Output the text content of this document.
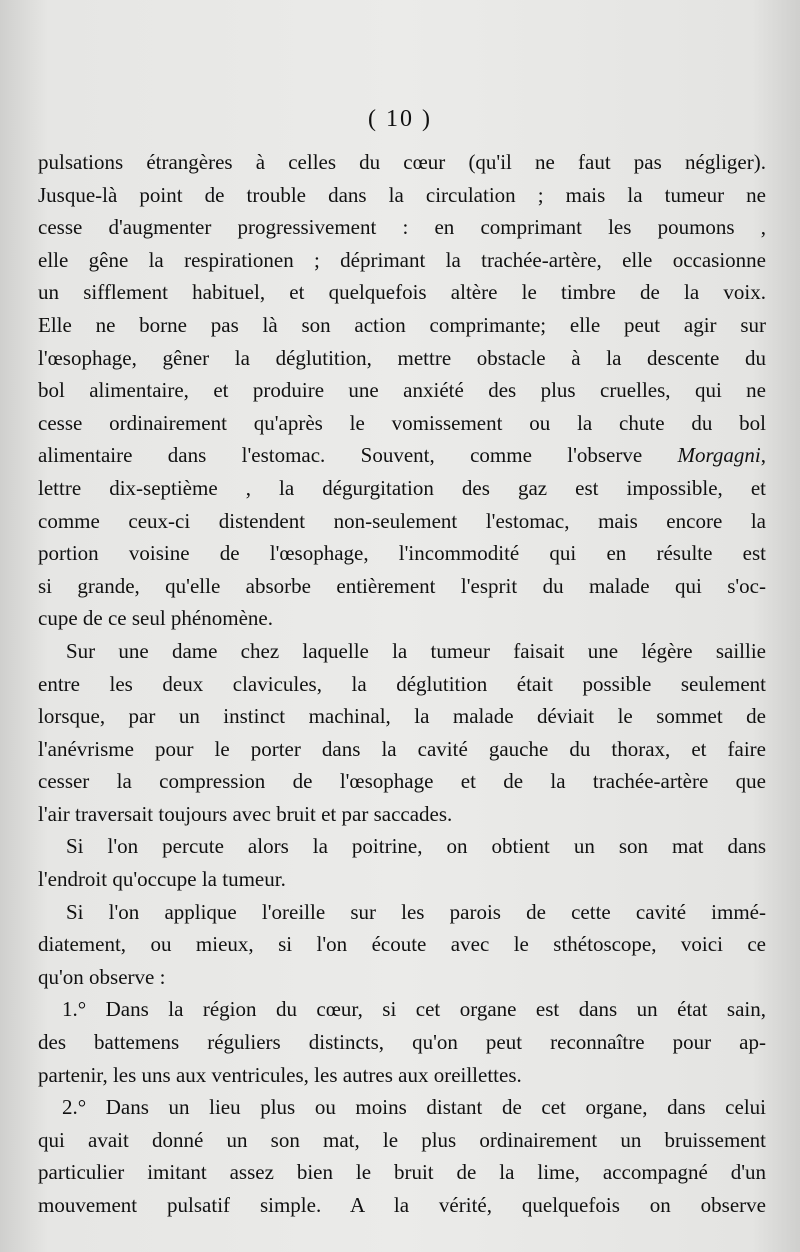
( 10 )
pulsations étrangères à celles du cœur (qu'il ne faut pas négliger).
Jusque-là point de trouble dans la circulation ; mais la tumeur ne
cesse d'augmenter progressivement : en comprimant les poumons ,
elle gêne la respirationen ; déprimant la trachée-artère, elle occasionne
un sifflement habituel, et quelquefois altère le timbre de la voix.
Elle ne borne pas là son action comprimante; elle peut agir sur
l'œsophage, gêner la déglutition, mettre obstacle à la descente du
bol alimentaire, et produire une anxiété des plus cruelles, qui ne
cesse ordinairement qu'après le vomissement ou la chute du bol
alimentaire dans l'estomac. Souvent, comme l'observe Morgagni,
lettre dix-septième , la dégurgitation des gaz est impossible, et
comme ceux-ci distendent non-seulement l'estomac, mais encore la
portion voisine de l'œsophage, l'incommodité qui en résulte est
si grande, qu'elle absorbe entièrement l'esprit du malade qui s'oc-
cupe de ce seul phénomène.
Sur une dame chez laquelle la tumeur faisait une légère saillie
entre les deux clavicules, la déglutition était possible seulement
lorsque, par un instinct machinal, la malade déviait le sommet de
l'anévrisme pour le porter dans la cavité gauche du thorax, et faire
cesser la compression de l'œsophage et de la trachée-artère que
l'air traversait toujours avec bruit et par saccades.
Si l'on percute alors la poitrine, on obtient un son mat dans
l'endroit qu'occupe la tumeur.
Si l'on applique l'oreille sur les parois de cette cavité immé-
diatement, ou mieux, si l'on écoute avec le sthétoscope, voici ce
qu'on observe :
1.° Dans la région du cœur, si cet organe est dans un état sain,
des battemens réguliers distincts, qu'on peut reconnaître pour ap-
partenir, les uns aux ventricules, les autres aux oreillettes.
2.° Dans un lieu plus ou moins distant de cet organe, dans celui
qui avait donné un son mat, le plus ordinairement un bruissement
particulier imitant assez bien le bruit de la lime, accompagné d'un
mouvement pulsatif simple. A la vérité, quelquefois on observe
